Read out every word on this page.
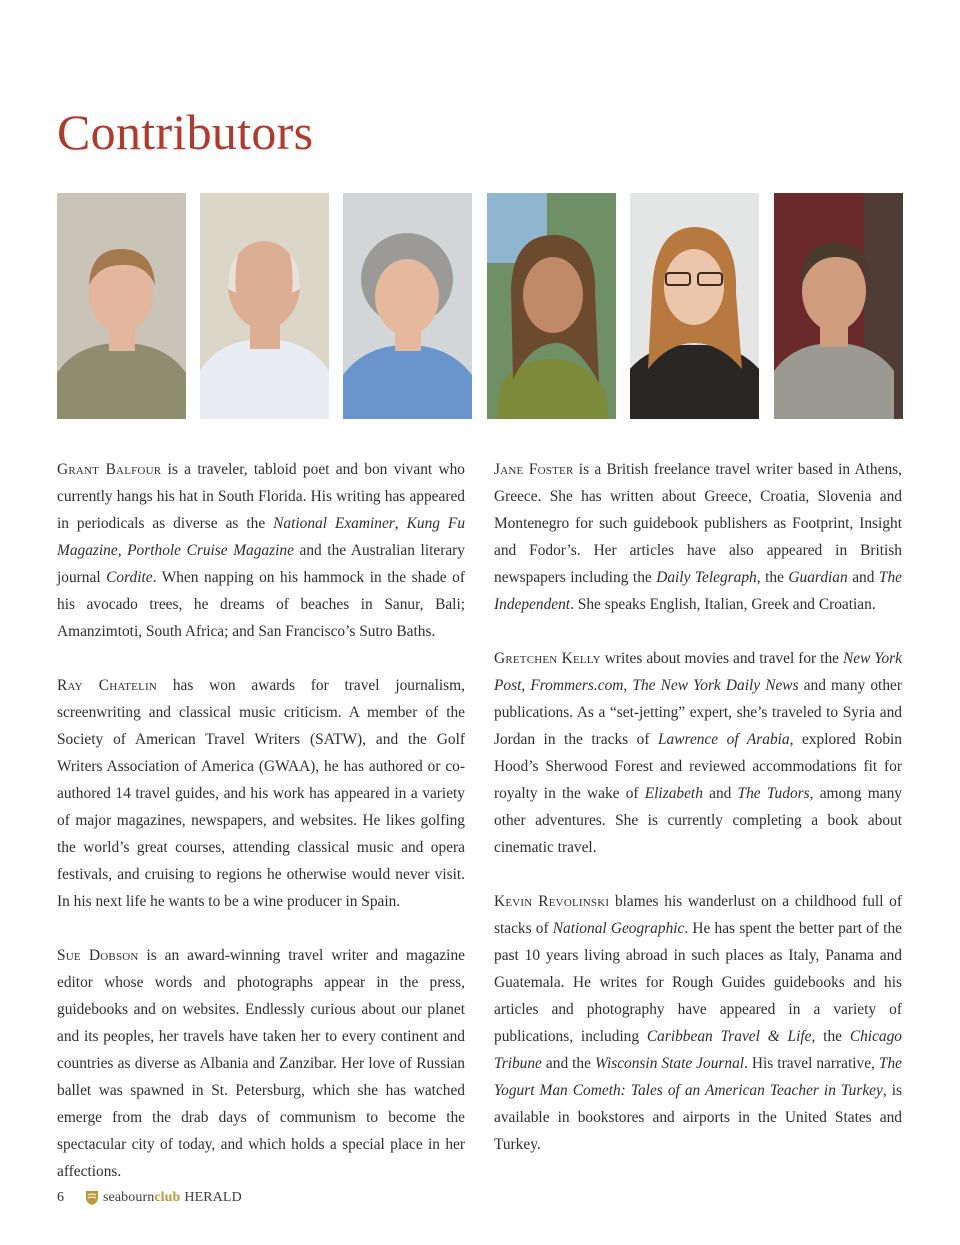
Contributors

Grant Balfour is a traveler, tabloid poet and bon vivant who currently hangs his hat in South Florida. His writing has appeared in periodicals as diverse as the National Examiner, Kung Fu Magazine, Porthole Cruise Magazine and the Australian literary journal Cordite. When napping on his hammock in the shade of his avocado trees, he dreams of beaches in Sanur, Bali; Amanzimtoti, South Africa; and San Francisco’s Sutro Baths.

Ray Chatelin has won awards for travel journalism, screenwriting and classical music criticism. A member of the Society of American Travel Writers (SATW), and the Golf Writers Association of America (GWAA), he has authored or co-authored 14 travel guides, and his work has appeared in a variety of major magazines, newspapers, and websites. He likes golfing the world’s great courses, attending classical music and opera festivals, and cruising to regions he otherwise would never visit. In his next life he wants to be a wine producer in Spain.

Sue Dobson is an award-winning travel writer and magazine editor whose words and photographs appear in the press, guidebooks and on websites. Endlessly curious about our planet and its peoples, her travels have taken her to every continent and countries as diverse as Albania and Zanzibar. Her love of Russian ballet was spawned in St. Petersburg, which she has watched emerge from the drab days of communism to become the spectacular city of today, and which holds a special place in her affections.

Jane Foster is a British freelance travel writer based in Athens, Greece. She has written about Greece, Croatia, Slovenia and Montenegro for such guidebook publishers as Footprint, Insight and Fodor’s. Her articles have also appeared in British newspapers including the Daily Telegraph, the Guardian and The Independent. She speaks English, Italian, Greek and Croatian.

Gretchen Kelly writes about movies and travel for the New York Post, Frommers.com, The New York Daily News and many other publications. As a “set-jetting” expert, she’s traveled to Syria and Jordan in the tracks of Lawrence of Arabia, explored Robin Hood’s Sherwood Forest and reviewed accommodations fit for royalty in the wake of Elizabeth and The Tudors, among many other adventures. She is currently completing a book about cinematic travel.

Kevin Revolinski blames his wanderlust on a childhood full of stacks of National Geographic. He has spent the better part of the past 10 years living abroad in such places as Italy, Panama and Guatemala. He writes for Rough Guides guidebooks and his articles and photography have appeared in a variety of publications, including Caribbean Travel & Life, the Chicago Tribune and the Wisconsin State Journal. His travel narrative, The Yogurt Man Cometh: Tales of an American Teacher in Turkey, is available in bookstores and airports in the United States and Turkey.

6	seabournclub HERALD
